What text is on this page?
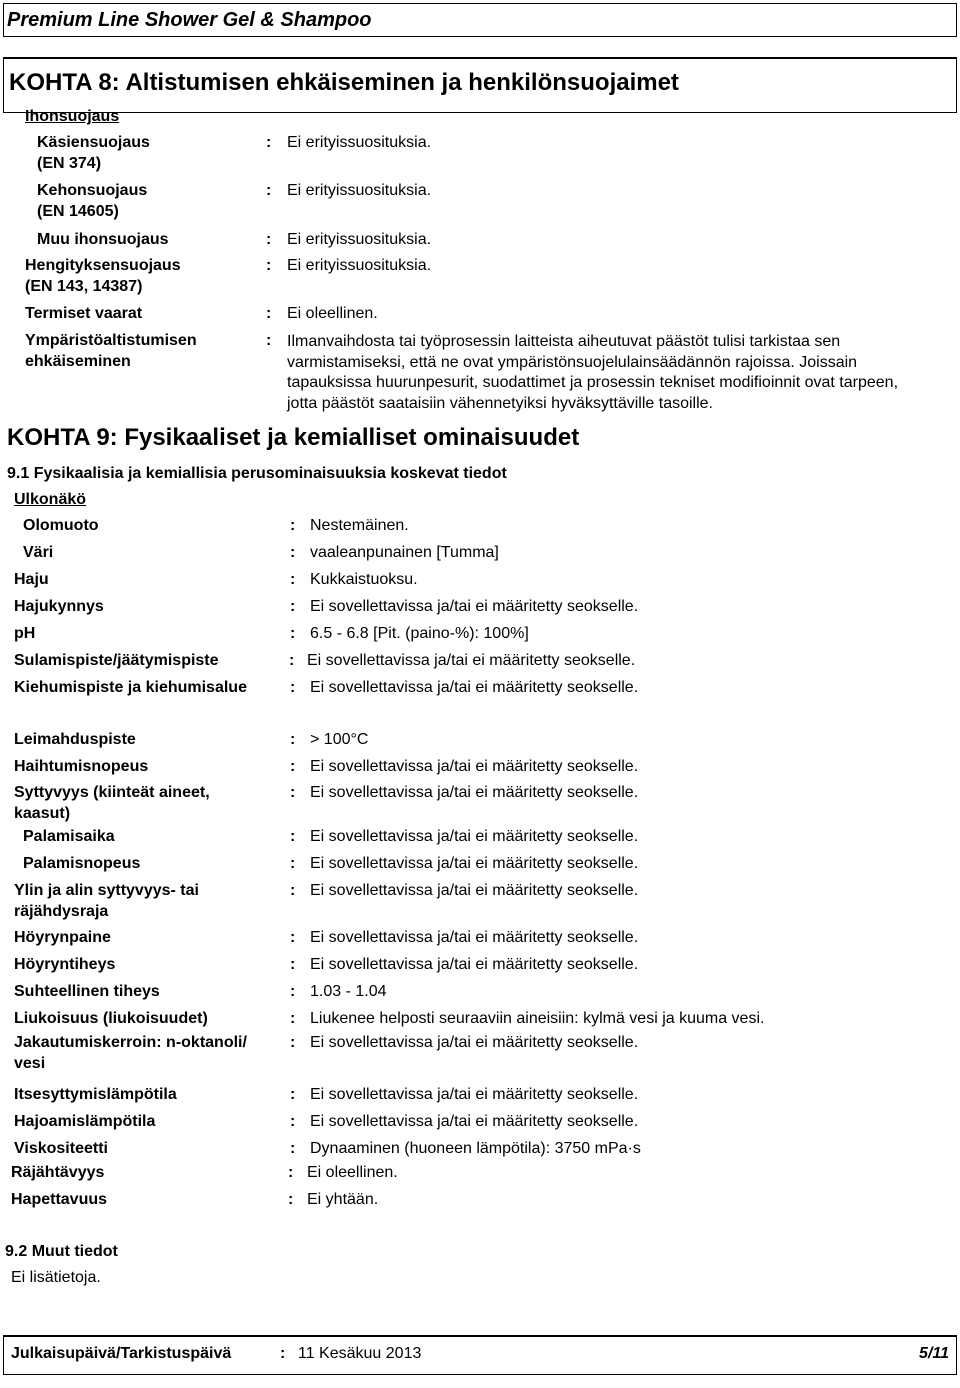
Premium Line Shower Gel & Shampoo
KOHTA 8: Altistumisen ehkäiseminen ja henkilönsuojaimet
Ihonsuojaus
Käsiensuojaus
(EN 374)
: Ei erityissuosituksia.
Kehonsuojaus
(EN 14605)
: Ei erityissuosituksia.
Muu ihonsuojaus	: Ei erityissuosituksia.
Hengityksensuojaus
(EN 143, 14387)
: Ei erityissuosituksia.
Termiset vaarat	: Ei oleellinen.
Ympäristöaltistumisen
ehkäiseminen
: Ilmanvaihdosta tai työprosessin laitteista aiheutuvat päästöt tulisi tarkistaa sen varmistamiseksi, että ne ovat ympäristönsuojelulainsäädännön rajoissa. Joissain tapauksissa huurunpesurit, suodattimet ja prosessin tekniset modifioinnit ovat tarpeen, jotta päästöt saataisiin vähennetyiksi hyväksyttäville tasoille.
KOHTA 9: Fysikaaliset ja kemialliset ominaisuudet
9.1 Fysikaalisia ja kemiallisia perusominaisuuksia koskevat tiedot
Ulkonäkö
Olomuoto	: Nestemäinen.
Väri	: vaaleanpunainen [Tumma]
Haju	: Kukkaistuoksu.
Hajukynnys	: Ei sovellettavissa ja/tai ei määritetty seokselle.
pH	: 6.5 - 6.8 [Pit. (paino-%): 100%]
Sulamispiste/jäätymispiste	: Ei sovellettavissa ja/tai ei määritetty seokselle.
Kiehumispiste ja kiehumisalue	: Ei sovellettavissa ja/tai ei määritetty seokselle.
Leimahduspiste	: > 100°C
Haihtumisnopeus	: Ei sovellettavissa ja/tai ei määritetty seokselle.
Syttyvyys (kiinteät aineet,
kaasut)
: Ei sovellettavissa ja/tai ei määritetty seokselle.
Palamisaika	: Ei sovellettavissa ja/tai ei määritetty seokselle.
Palamisnopeus	: Ei sovellettavissa ja/tai ei määritetty seokselle.
Ylin ja alin syttyvyys- tai
räjähdysraja
: Ei sovellettavissa ja/tai ei määritetty seokselle.
Höyrynpaine	: Ei sovellettavissa ja/tai ei määritetty seokselle.
Höyryntiheys	: Ei sovellettavissa ja/tai ei määritetty seokselle.
Suhteellinen tiheys	: 1.03 - 1.04
Liukoisuus (liukoisuudet)	: Liukenee helposti seuraaviin aineisiin: kylmä vesi ja kuuma vesi.
Jakautumiskerroin: n-oktanoli/
vesi
: Ei sovellettavissa ja/tai ei määritetty seokselle.
Itsesyttymislämpötila	: Ei sovellettavissa ja/tai ei määritetty seokselle.
Hajoamislämpötila	: Ei sovellettavissa ja/tai ei määritetty seokselle.
Viskositeetti	: Dynaaminen (huoneen lämpötila): 3750 mPa·s
Räjähtävyys	: Ei oleellinen.
Hapettavuus	: Ei yhtään.
9.2 Muut tiedot
Ei lisätietoja.
Julkaisupäivä/Tarkistuspäivä	: 11 Kesäkuu 2013	5/11
